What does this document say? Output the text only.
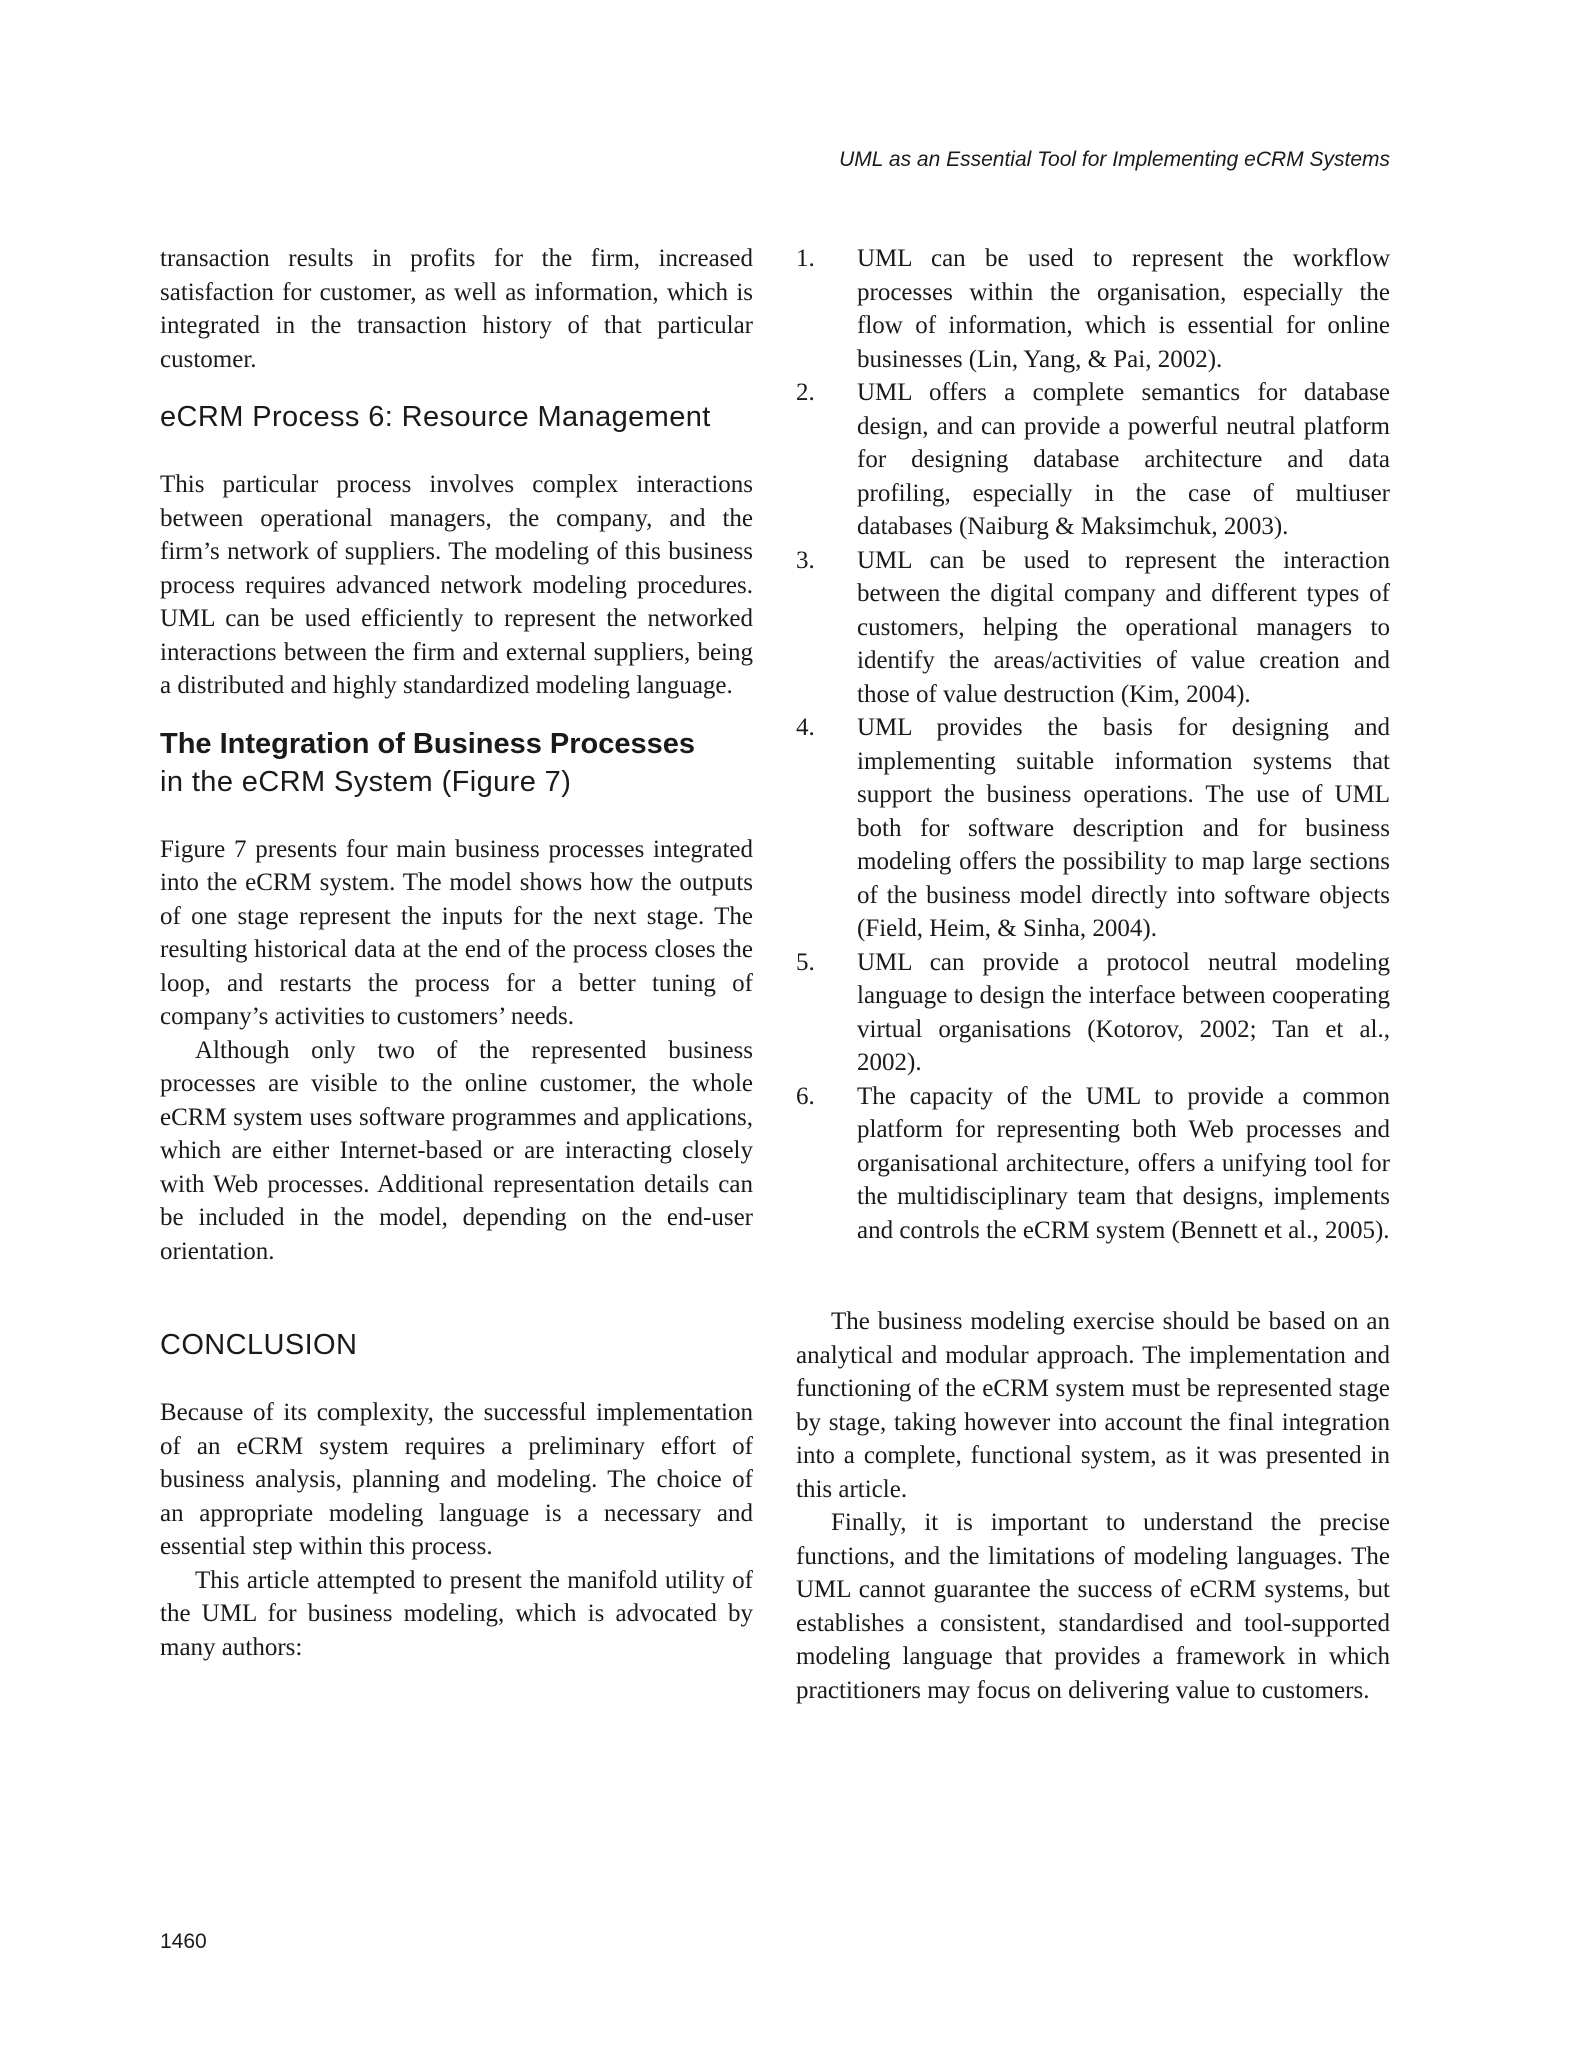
UML as an Essential Tool for Implementing eCRM Systems

transaction results in profits for the firm, increased satisfaction for customer, as well as information, which is integrated in the transaction history of that particular customer.

eCRM Process 6: Resource Management

This particular process involves complex interactions between operational managers, the company, and the firm’s network of suppliers. The modeling of this business process requires advanced network modeling procedures. UML can be used efficiently to represent the networked interactions between the firm and external suppliers, being a distributed and highly standardized modeling language.

The Integration of Business Processes
in the eCRM System (Figure 7)

Figure 7 presents four main business processes integrated into the eCRM system. The model shows how the outputs of one stage represent the inputs for the next stage. The resulting historical data at the end of the process closes the loop, and restarts the process for a better tuning of company’s activities to customers’ needs.

Although only two of the represented business processes are visible to the online customer, the whole eCRM system uses software programmes and applications, which are either Internet-based or are interacting closely with Web processes. Additional representation details can be included in the model, depending on the end-user orientation.

CONCLUSION

Because of its complexity, the successful implementation of an eCRM system requires a preliminary effort of business analysis, planning and modeling. The choice of an appropriate modeling language is a necessary and essential step within this process.

This article attempted to present the manifold utility of the UML for business modeling, which is advocated by many authors:

1. UML can be used to represent the workflow processes within the organisation, especially the flow of information, which is essential for online businesses (Lin, Yang, & Pai, 2002).
2. UML offers a complete semantics for database design, and can provide a powerful neutral platform for designing database architecture and data profiling, especially in the case of multiuser databases (Naiburg & Maksimchuk, 2003).
3. UML can be used to represent the interaction between the digital company and different types of customers, helping the operational managers to identify the areas/activities of value creation and those of value destruction (Kim, 2004).
4. UML provides the basis for designing and implementing suitable information systems that support the business operations. The use of UML both for software description and for business modeling offers the possibility to map large sections of the business model directly into software objects (Field, Heim, & Sinha, 2004).
5. UML can provide a protocol neutral modeling language to design the interface between cooperating virtual organisations (Kotorov, 2002; Tan et al., 2002).
6. The capacity of the UML to provide a common platform for representing both Web processes and organisational architecture, offers a unifying tool for the multidisciplinary team that designs, implements and controls the eCRM system (Bennett et al., 2005).

The business modeling exercise should be based on an analytical and modular approach. The implementation and functioning of the eCRM system must be represented stage by stage, taking however into account the final integration into a complete, functional system, as it was presented in this article.

Finally, it is important to understand the precise functions, and the limitations of modeling languages. The UML cannot guarantee the success of eCRM systems, but establishes a consistent, standardised and tool-supported modeling language that provides a framework in which practitioners may focus on delivering value to customers.

1460
